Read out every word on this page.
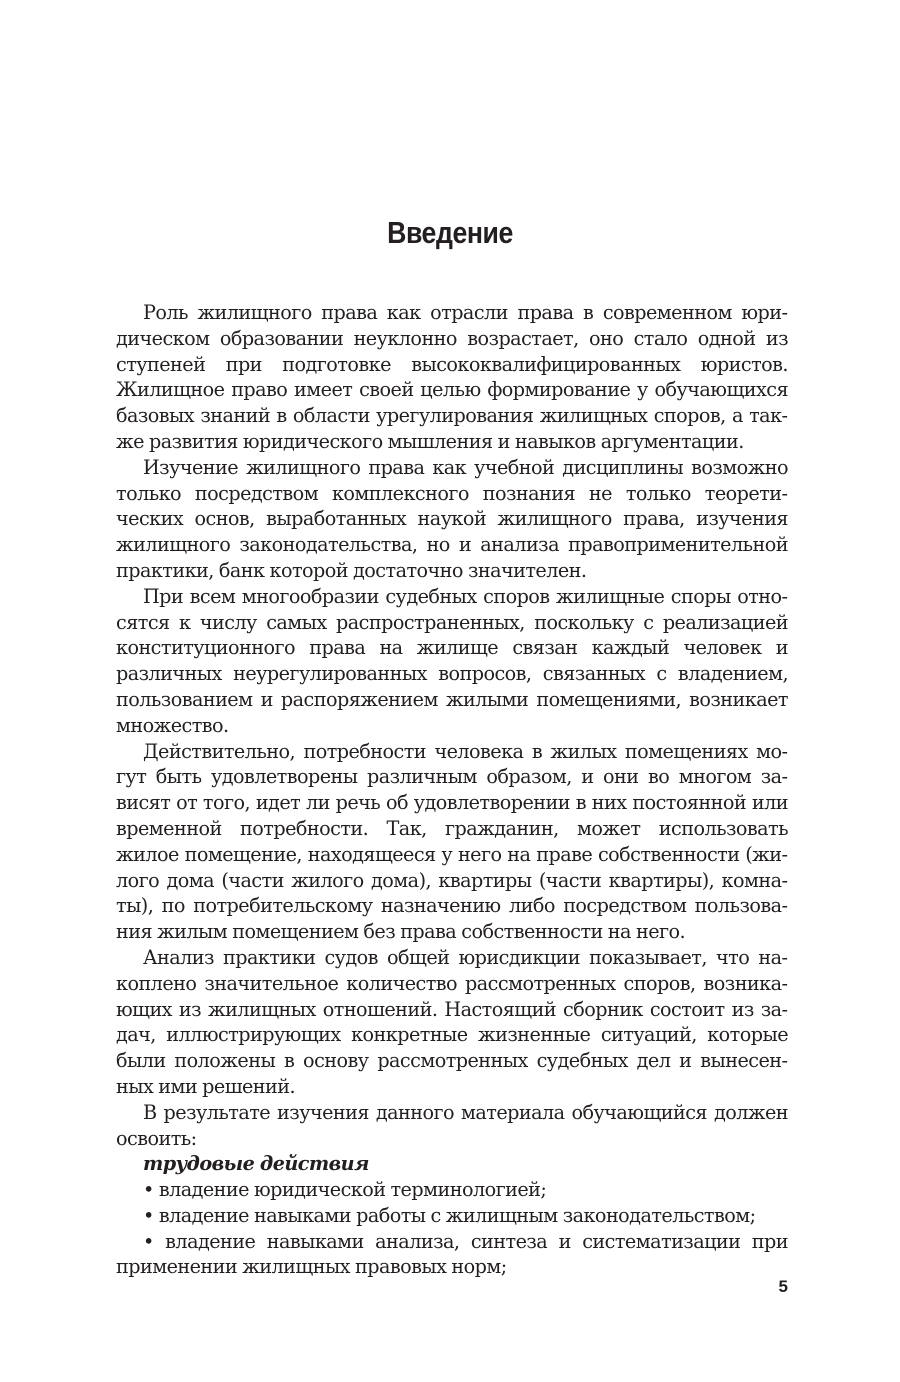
Введение

Роль жилищного права как отрасли права в современном юридическом образовании неуклонно возрастает, оно стало одной из ступеней при подготовке высококвалифицированных юристов. Жилищное право имеет своей целью формирование у обучающихся базовых знаний в области урегулирования жилищных споров, а также развития юридического мышления и навыков аргументации.

Изучение жилищного права как учебной дисциплины возможно только посредством комплексного познания не только теоретических основ, выработанных наукой жилищного права, изучения жилищного законодательства, но и анализа правоприменительной практики, банк которой достаточно значителен.

При всем многообразии судебных споров жилищные споры относятся к числу самых распространенных, поскольку с реализацией конституционного права на жилище связан каждый человек и различных неурегулированных вопросов, связанных с владением, пользованием и распоряжением жилыми помещениями, возникает множество.

Действительно, потребности человека в жилых помещениях могут быть удовлетворены различным образом, и они во многом зависят от того, идет ли речь об удовлетворении в них постоянной или временной потребности. Так, гражданин, может использовать жилое помещение, находящееся у него на праве собственности (жилого дома (части жилого дома), квартиры (части квартиры), комнаты), по потребительскому назначению либо посредством пользования жилым помещением без права собственности на него.

Анализ практики судов общей юрисдикции показывает, что накоплено значительное количество рассмотренных споров, возникающих из жилищных отношений. Настоящий сборник состоит из задач, иллюстрирующих конкретные жизненные ситуаций, которые были положены в основу рассмотренных судебных дел и вынесенных ими решений.

В результате изучения данного материала обучающийся должен освоить:

трудовые действия

• владение юридической терминологией;

• владение навыками работы с жилищным законодательством;

• владение навыками анализа, синтеза и систематизации при применении жилищных правовых норм;

5
